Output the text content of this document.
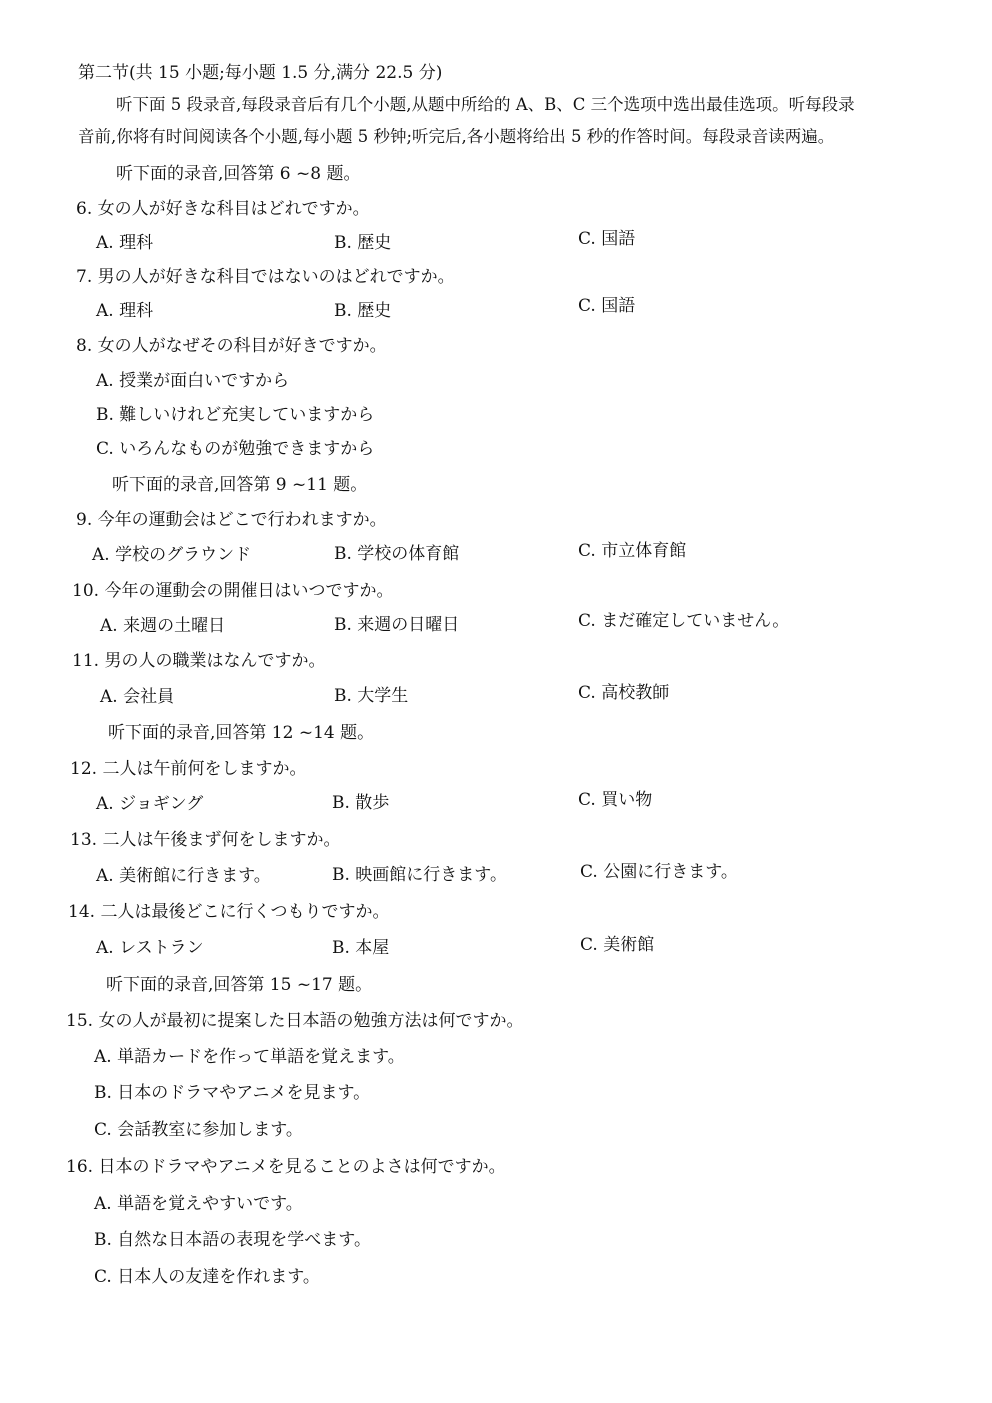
第二节(共 15 小题;每小题 1.5 分,满分 22.5 分)
听下面 5 段录音,每段录音后有几个小题,从题中所给的 A、B、C 三个选项中选出最佳选项。听每段录
音前,你将有时间阅读各个小题,每小题 5 秒钟;听完后,各小题将给出 5 秒的作答时间。每段录音读两遍。
听下面的录音,回答第 6 ~8 题。
6. 女の人が好きな科目はどれですか。
A. 理科	B. 歴史	C. 国語
7. 男の人が好きな科目ではないのはどれですか。
A. 理科	B. 歴史	C. 国語
8. 女の人がなぜその科目が好きですか。
A. 授業が面白いですから
B. 難しいけれど充実していますから
C. いろんなものが勉強できますから
听下面的录音,回答第 9 ~11 题。
9. 今年の運動会はどこで行われますか。
A. 学校のグラウンド	B. 学校の体育館	C. 市立体育館
10. 今年の運動会の開催日はいつですか。
A. 来週の土曜日	B. 来週の日曜日	C. まだ確定していません。
11. 男の人の職業はなんですか。
A. 会社員	B. 大学生	C. 高校教師
听下面的录音,回答第 12 ~14 题。
12. 二人は午前何をしますか。
A. ジョギング	B. 散歩	C. 買い物
13. 二人は午後まず何をしますか。
A. 美術館に行きます。	B. 映画館に行きます。	C. 公園に行きます。
14. 二人は最後どこに行くつもりですか。
A. レストラン	B. 本屋	C. 美術館
听下面的录音,回答第 15 ~17 题。
15. 女の人が最初に提案した日本語の勉強方法は何ですか。
A. 単語カードを作って単語を覚えます。
B. 日本のドラマやアニメを見ます。
C. 会話教室に参加します。
16. 日本のドラマやアニメを見ることのよさは何ですか。
A. 単語を覚えやすいです。
B. 自然な日本語の表現を学べます。
C. 日本人の友達を作れます。
